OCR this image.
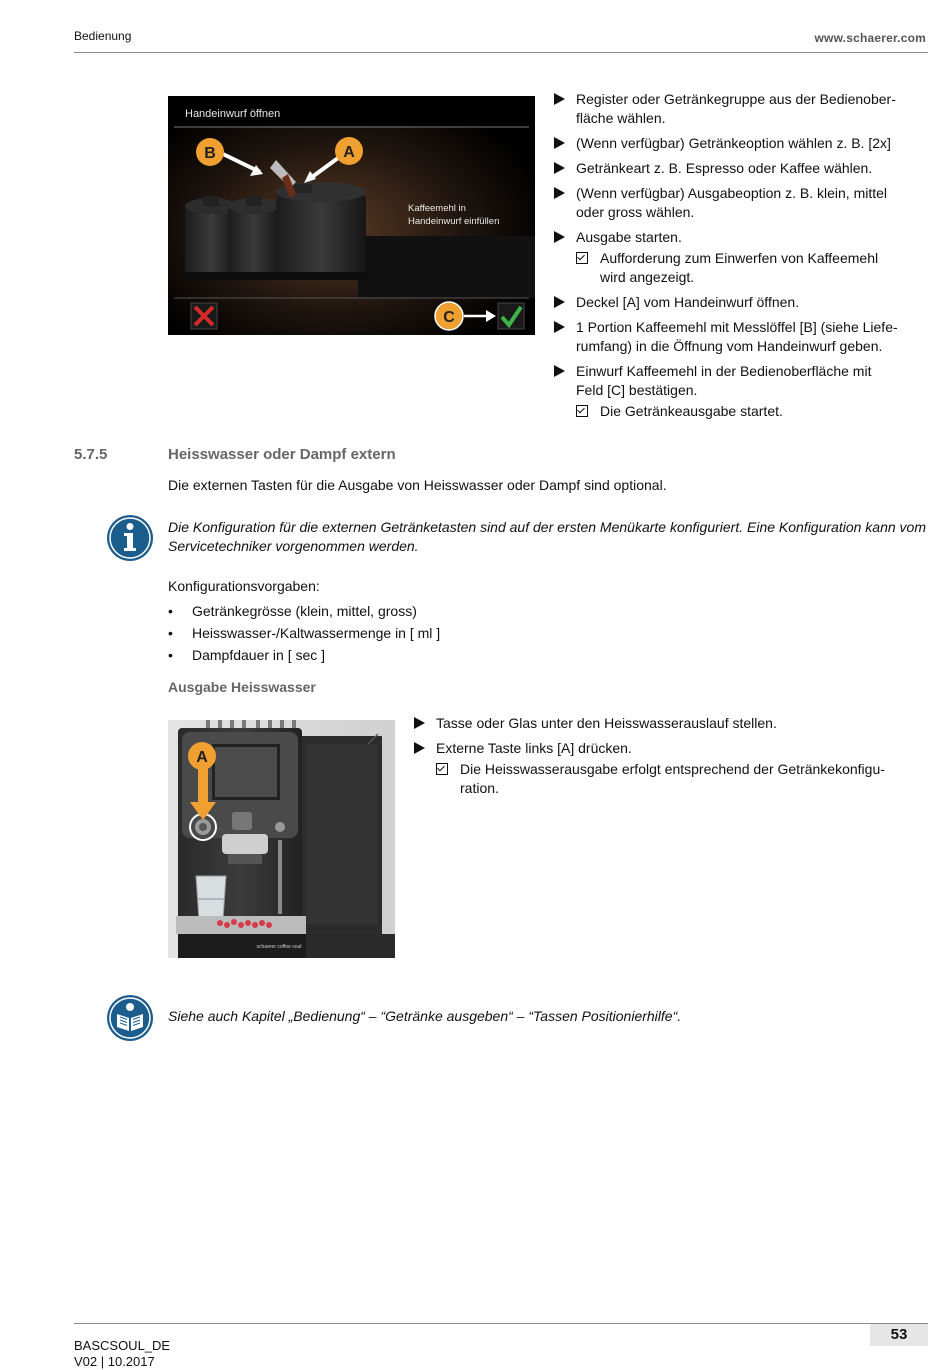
Bedienung	www.schaerer.com
Handeinwurf öffnen
B	A
Kaffeemehl in
Handeinwurf einfüllen
C
Register oder Getränkegruppe aus der Bedienober-
fläche wählen.
(Wenn verfügbar) Getränkeoption wählen z. B. [2x]
Getränkeart z. B. Espresso oder Kaffee wählen.
(Wenn verfügbar) Ausgabeoption z. B. klein, mittel
oder gross wählen.
Ausgabe starten.
Aufforderung zum Einwerfen von Kaffeemehl
wird angezeigt.
Deckel [A] vom Handeinwurf öffnen.
1 Portion Kaffeemehl mit Messlöffel [B] (siehe Liefe-
rumfang) in die Öffnung vom Handeinwurf geben.
Einwurf Kaffeemehl in der Bedienoberfläche mit
Feld [C] bestätigen.
Die Getränkeausgabe startet.
5.7.5	Heisswasser oder Dampf extern
Die externen Tasten für die Ausgabe von Heisswasser oder Dampf sind optional.
Die Konfiguration für die externen Getränketasten sind auf der ersten Menükarte konfiguriert. Eine Konfiguration kann vom Servicetechniker vorgenommen werden.
Konfigurationsvorgaben:
• Getränkegrösse (klein, mittel, gross)
• Heisswasser-/Kaltwassermenge in [ ml ]
• Dampfdauer in [ sec ]
Ausgabe Heisswasser
schaerer coffee soul
A
Tasse oder Glas unter den Heisswasserauslauf stellen.
Externe Taste links [A] drücken.
Die Heisswasserausgabe erfolgt entsprechend der Getränkekonfigu-
ration.
Siehe auch Kapitel „Bedienung“ – “Getränke ausgeben“ – “Tassen Positionierhilfe“.
53
BASCSOUL_DE
V02 | 10.2017
